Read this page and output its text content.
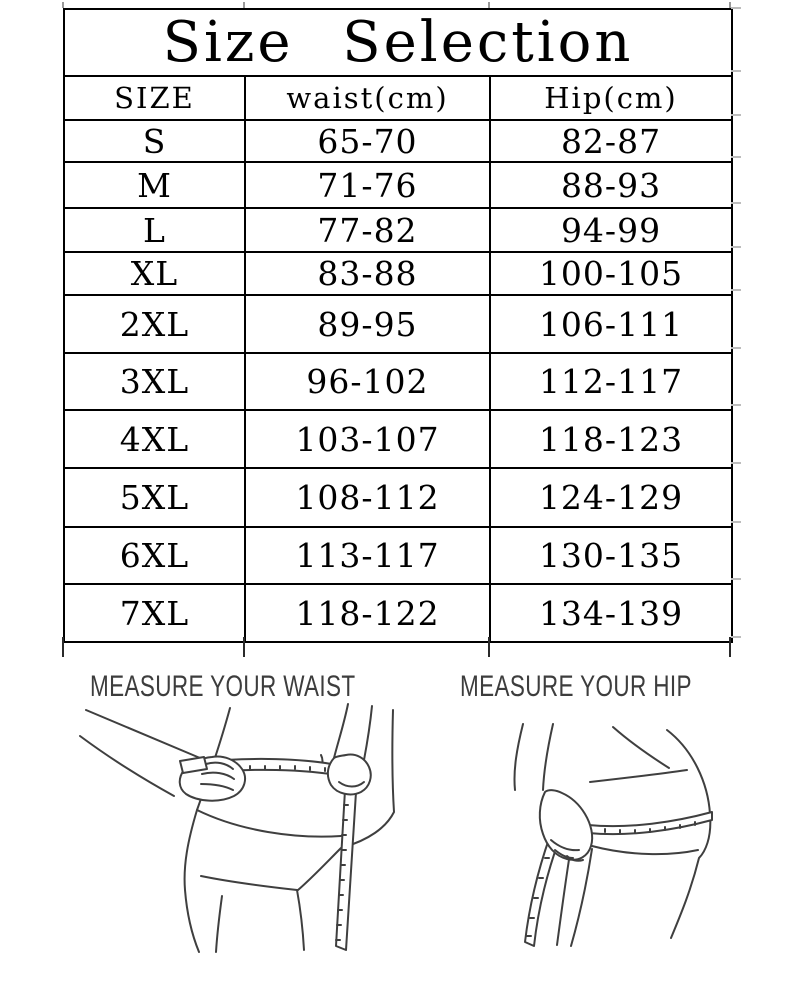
Size Selection		
SIZE	waist(cm)	Hip(cm)
S	65-70	82-87
M	71-76	88-93
L	77-82	94-99
XL	83-88	100-105
2XL	89-95	106-111
3XL	96-102	112-117
4XL	103-107	118-123
5XL	108-112	124-129
6XL	113-117	130-135
7XL	118-122	134-139
MEASURE YOUR WAIST	MEASURE YOUR HIP
